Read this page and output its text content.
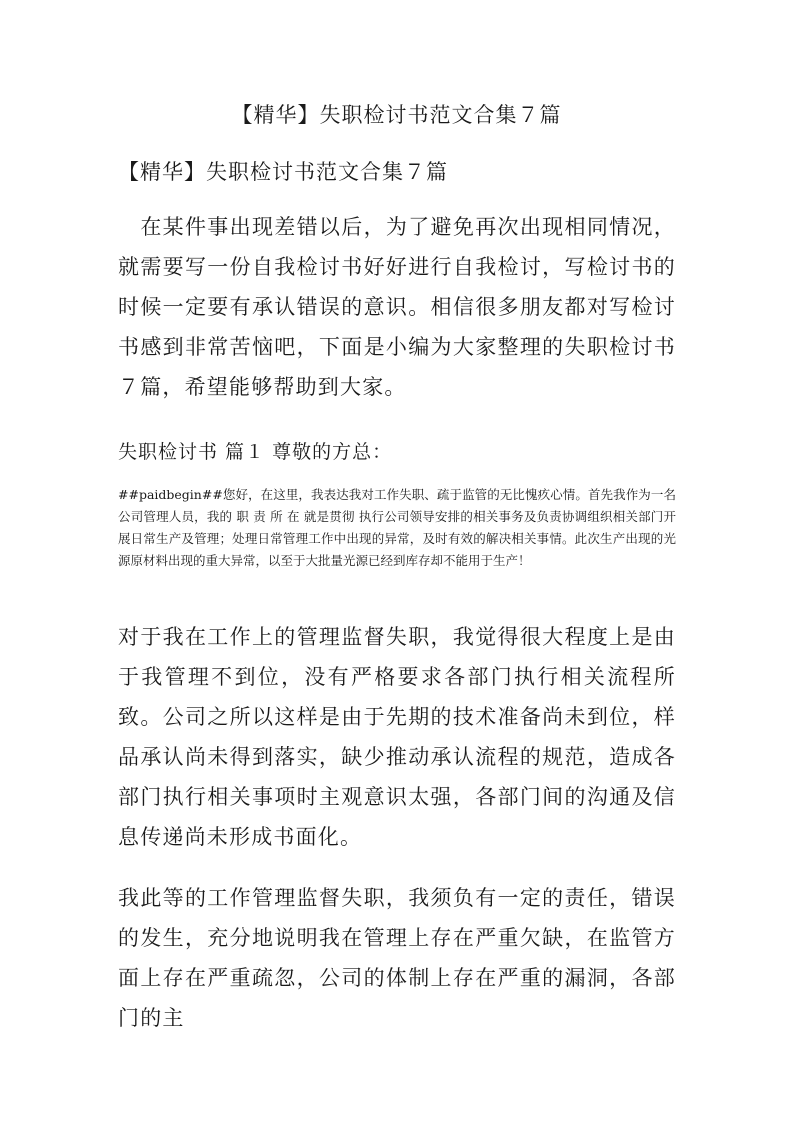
【精华】失职检讨书范文合集７篇
【精华】失职检讨书范文合集７篇

　在某件事出现差错以后，为了避免再次出现相同情况，就需要写一份自我检讨书好好进行自我检讨，写检讨书的时候一定要有承认错误的意识。相信很多朋友都对写检讨书感到非常苦恼吧，下面是小编为大家整理的失职检讨书７篇，希望能够帮助到大家。

失职检讨书 篇１ 尊敬的方总：

##paidbegin##您好，在这里，我表达我对工作失职、疏于监管的无比愧疚心情。首先我作为一名公司管理人员，我的 职 责 所 在 就是贯彻 执行公司领导安排的相关事务及负责协调组织相关部门开展日常生产及管理；处理日常管理工作中出现的异常，及时有效的解决相关事情。此次生产出现的光源原材料出现的重大异常，以至于大批量光源已经到库存却不能用于生产！

对于我在工作上的管理监督失职，我觉得很大程度上是由于我管理不到位，没有严格要求各部门执行相关流程所致。公司之所以这样是由于先期的技术准备尚未到位，样品承认尚未得到落实，缺少推动承认流程的规范，造成各部门执行相关事项时主观意识太强，各部门间的沟通及信息传递尚未形成书面化。

我此等的工作管理监督失职，我须负有一定的责任，错误的发生，充分地说明我在管理上存在严重欠缺，在监管方面上存在严重疏忽，公司的体制上存在严重的漏洞，各部门的主
